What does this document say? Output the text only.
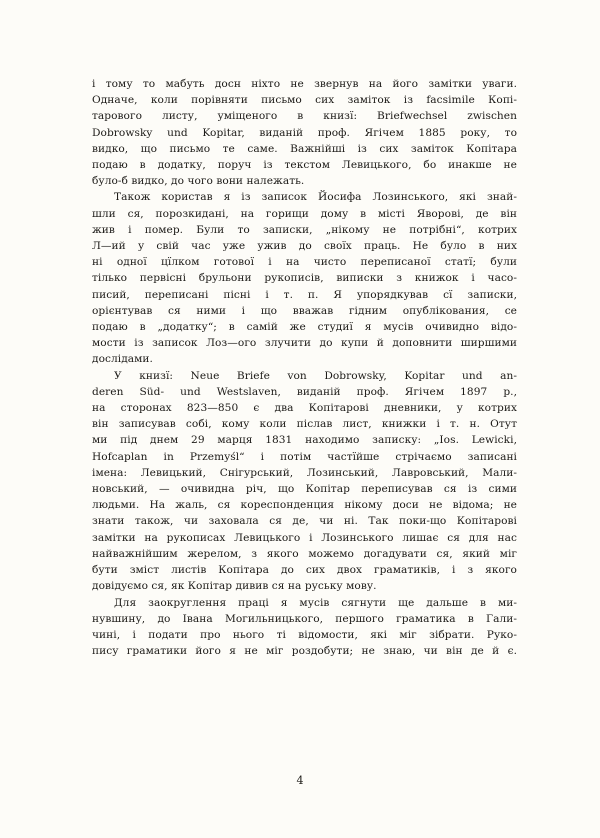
і тому то мабуть досн ніхто не звернув на його замітки уваги.
Одначе, коли порівняти письмо сих заміток із facsimile Копі-
тарового листу, уміщеного в книзї: Briefwechsel zwischen
Dobrowsky und Kopitar, виданій проф. Ягічем 1885 року, то
видко, що письмо те саме. Важнійші із сих заміток Копітара
подаю в додатку, поруч із текстом Левицького, бо инакше не
було-б видко, до чого вони належать.

Також користав я із записок Йосифа Лозинського, які знай-
шли ся, порозкидані, на горищи дому в місті Яворові, де він
жив і помер. Були то записки, „нікому не потрібні“, котрих
Л—ий у свій час уже ужив до своїх праць. Не було в них
ні одної цїлком готової і на чисто переписаної статї; були
тілько первісні брульони рукописів, виписки з книжок і часо-
писий, переписані пісні і т. п. Я упорядкував сї записки,
орієнтував ся ними і що вважав гідним опублікования, се
подаю в „додатку“; в самій же студиї я мусів очивидно відо-
мости із записок Лоз—ого злучити до купи й доповнити ширшими
дослідами.

У книзї: Neue Briefe von Dobrowsky, Kopitar und an-
deren Süd- und Westslaven, виданій проф. Ягічем 1897 р.,
на сторонах 823—850 є два Копітарові дневники, у котрих
він записував собі, кому коли післав лист, книжки і т. н. Отут
ми під днем 29 марця 1831 находимо записку: „Ios. Lewicki,
Hofcaplan in Przemyśl“ і потім частїйше стрічаємо записані
імена: Левицький, Снігурський, Лозинський, Лавровський, Мали-
новський, — очивидна річ, що Копітар переписував ся із сими
людьми. На жаль, ся кореспонденция нікому доси не відома; не
знати також, чи заховала ся де, чи ні. Так поки-що Копітарові
замітки на рукописах Левицького і Лозинського лишає ся для нас
найважнійшим жерелом, з якого можемо догадувати ся, який міг
бути зміст листів Копітара до сих двох граматиків, і з якого
довідуємо ся, як Копітар дивив ся на руську мову.

Для заокруглення праці я мусів сягнути ще дальше в ми-
нувшину, до Івана Могильницького, першого граматика в Гали-
чині, і подати про нього ті відомости, які міг зібрати. Руко-
пису граматики його я не міг роздобути; не знаю, чи він де й є.

4
